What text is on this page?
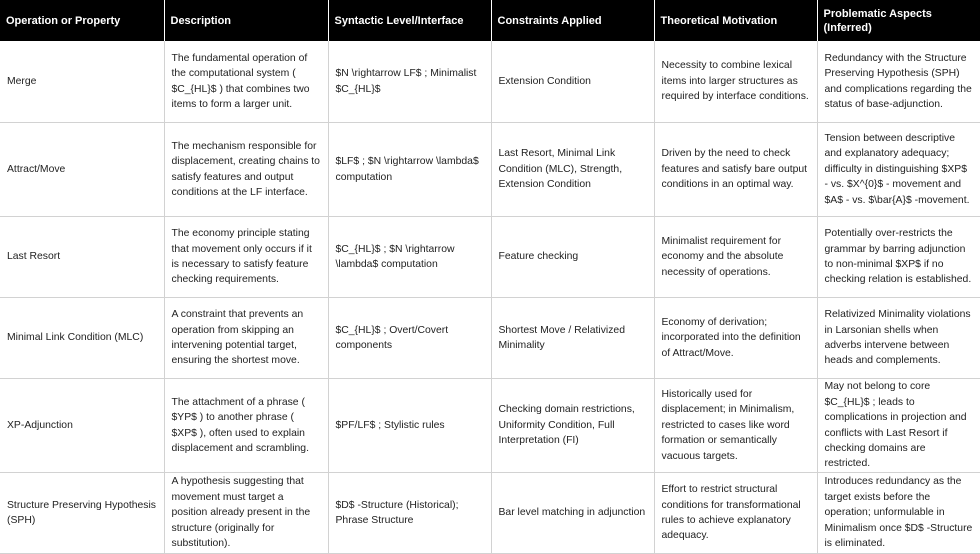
Operation or Property	Description	Syntactic Level/Interface	Constraints Applied	Theoretical Motivation	Problematic Aspects (Inferred)
Merge	The fundamental operation of the computational system ( $C_{HL}$ ) that combines two items to form a larger unit.	$N \rightarrow LF$ ; Minimalist $C_{HL}$	Extension Condition	Necessity to combine lexical items into larger structures as required by interface conditions.	Redundancy with the Structure Preserving Hypothesis (SPH) and complications regarding the status of base-adjunction.
Attract/Move	The mechanism responsible for displacement, creating chains to satisfy features and output conditions at the LF interface.	$LF$ ; $N \rightarrow \lambda$ computation	Last Resort, Minimal Link Condition (MLC), Strength, Extension Condition	Driven by the need to check features and satisfy bare output conditions in an optimal way.	Tension between descriptive and explanatory adequacy; difficulty in distinguishing $XP$ - vs. $X^{0}$ - movement and $A$ - vs. $\bar{A}$ -movement.
Last Resort	The economy principle stating that movement only occurs if it is necessary to satisfy feature checking requirements.	$C_{HL}$ ; $N \rightarrow \lambda$ computation	Feature checking	Minimalist requirement for economy and the absolute necessity of operations.	Potentially over-restricts the grammar by barring adjunction to non-minimal $XP$ if no checking relation is established.
Minimal Link Condition (MLC)	A constraint that prevents an operation from skipping an intervening potential target, ensuring the shortest move.	$C_{HL}$ ; Overt/Covert components	Shortest Move / Relativized Minimality	Economy of derivation; incorporated into the definition of Attract/Move.	Relativized Minimality violations in Larsonian shells when adverbs intervene between heads and complements.
XP-Adjunction	The attachment of a phrase ( $YP$ ) to another phrase ( $XP$ ), often used to explain displacement and scrambling.	$PF/LF$ ; Stylistic rules	Checking domain restrictions, Uniformity Condition, Full Interpretation (FI)	Historically used for displacement; in Minimalism, restricted to cases like word formation or semantically vacuous targets.	May not belong to core $C_{HL}$ ; leads to complications in projection and conflicts with Last Resort if checking domains are restricted.
Structure Preserving Hypothesis (SPH)	A hypothesis suggesting that movement must target a position already present in the structure (originally for substitution).	$D$ -Structure (Historical); Phrase Structure	Bar level matching in adjunction	Effort to restrict structural conditions for transformational rules to achieve explanatory adequacy.	Introduces redundancy as the target exists before the operation; unformulable in Minimalism once $D$ -Structure is eliminated.
